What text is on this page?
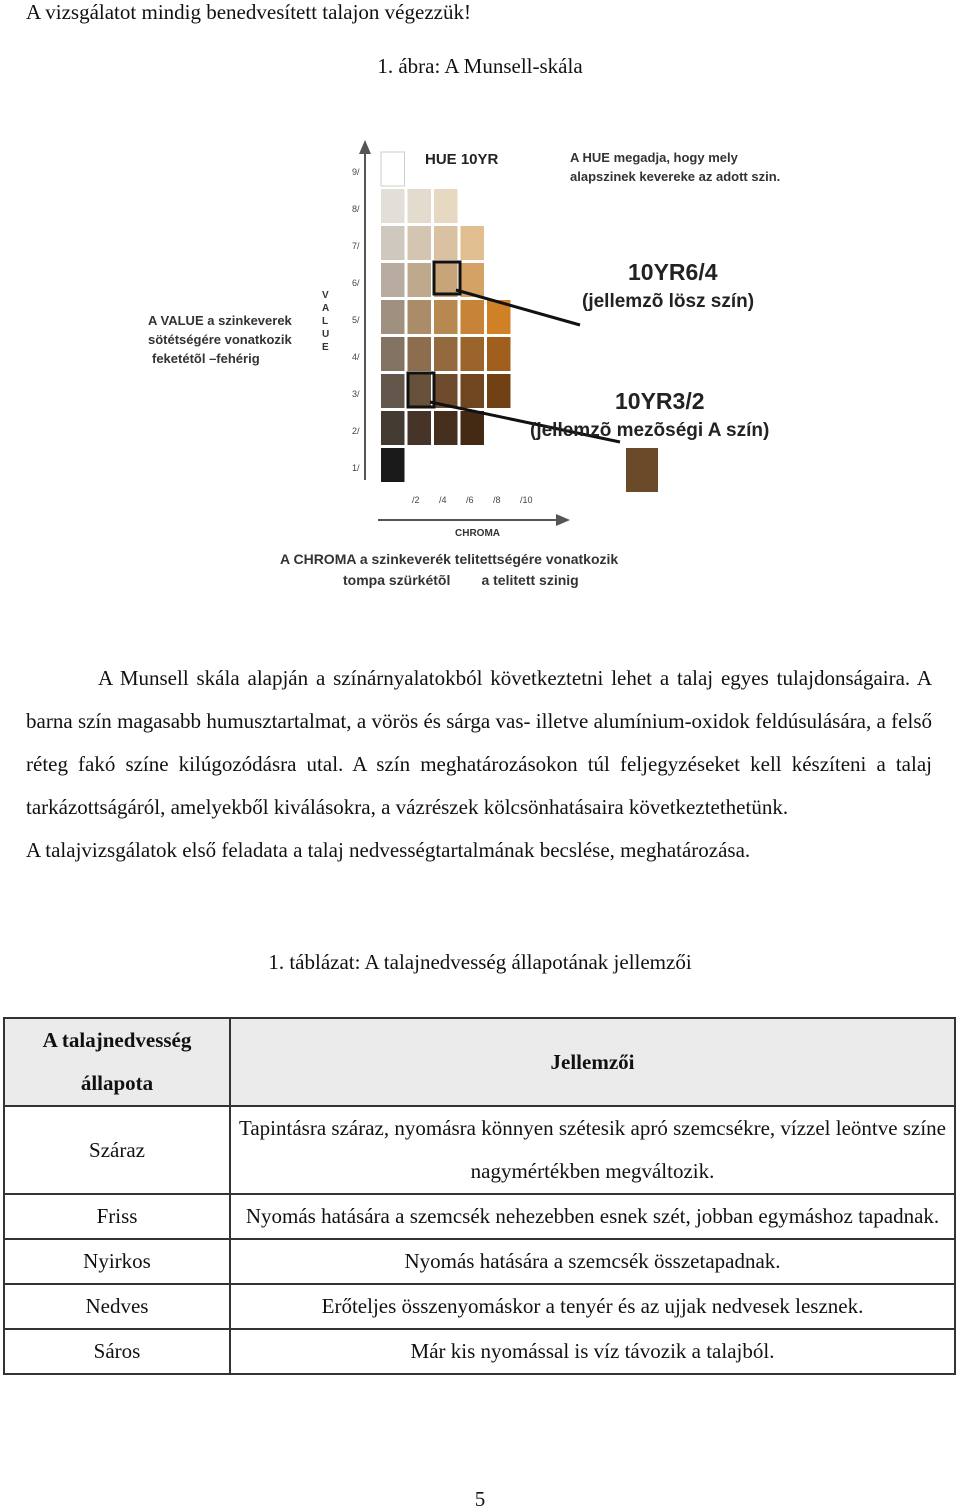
A vizsgálatot mindig benedvesített talajon végezzük!
1. ábra: A Munsell-skála
9/
8/
7/
6/
5/
4/
3/
2/
1/
V
A
L
U
E
/2 /4 /6 /8 /10
CHROMA
HUE 10YR	A HUE megadja, hogy mely
alapszinek kevereke az adott szin.
A VALUE a szinkeverek
sötétségére vonatkozik
feketétõl –fehérig
10YR6/4
(jellemzõ lösz szín)
10YR3/2
(jellemzõ mezõségi A szín)
A CHROMA a szinkeverék telitettségére vonatkozik
tompa szürkétõl        a telitett szinig

A Munsell skála alapján a színárnyalatokból következtetni lehet a talaj egyes tulajdonságaira. A barna szín magasabb humusztartalmat, a vörös és sárga vas- illetve alumínium-oxidok feldúsulására, a felső réteg fakó színe kilúgozódásra utal. A szín meghatározásokon túl feljegyzéseket kell készíteni a talaj tarkázottságáról, amelyekből kiválásokra, a vázrészek kölcsönhatásaira következtethetünk.

A talajvizsgálatok első feladata a talaj nedvességtartalmának becslése, meghatározása.

1. táblázat: A talajnedvesség állapotának jellemzői
A talajnedvesség állapota	Jellemzői
Száraz	Tapintásra száraz, nyomásra könnyen szétesik apró szemcsékre, vízzel leöntve színe nagymértékben megváltozik.
Friss	Nyomás hatására a szemcsék nehezebben esnek szét, jobban egymáshoz tapadnak.
Nyirkos	Nyomás hatására a szemcsék összetapadnak.
Nedves	Erőteljes összenyomáskor a tenyér és az ujjak nedvesek lesznek.
Sáros	Már kis nyomással is víz távozik a talajból.
5
